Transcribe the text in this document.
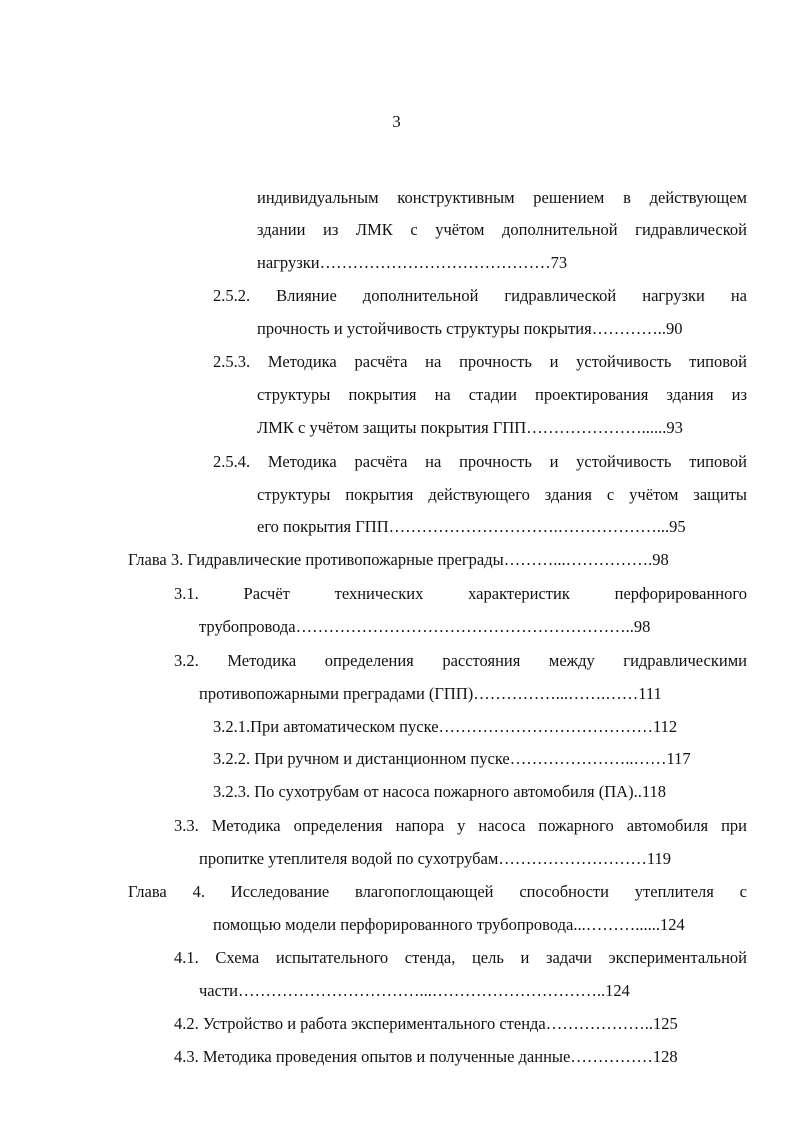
3
индивидуальным конструктивным решением в действующем
здании из ЛМК с учётом дополнительной гидравлической
нагрузки……………………………………73
2.5.2. Влияние дополнительной гидравлической нагрузки на
прочность и устойчивость структуры покрытия…………..90
2.5.3. Методика расчёта на прочность и устойчивость типовой
структуры покрытия на стадии проектирования здания из
ЛМК с учётом защиты покрытия ГПП…………………......93
2.5.4. Методика расчёта на прочность и устойчивость типовой
структуры покрытия действующего здания с учётом защиты
его покрытия ГПП………………………….………………...95
Глава 3. Гидравлические противопожарные преграды………...…………….98
3.1. Расчёт технических характеристик перфорированного
трубопровода……………………………………………………..98
3.2. Методика определения расстояния между гидравлическими
противопожарными преградами (ГПП)……………...…….……111
3.2.1.При автоматическом пуске…………………………………112
3.2.2. При ручном и дистанционном пуске…………………..……117
3.2.3. По сухотрубам от насоса пожарного автомобиля (ПА)..118
3.3. Методика определения напора у насоса пожарного автомобиля при
пропитке утеплителя водой по сухотрубам………………………119
Глава 4. Исследование влагопоглощающей способности утеплителя с
помощью модели перфорированного трубопровода...………......124
4.1. Схема испытательного стенда, цель и задачи экспериментальной
части……………………………...…………………………..124
4.2. Устройство и работа экспериментального стенда………………..125
4.3. Методика проведения опытов и полученные данные……………128
